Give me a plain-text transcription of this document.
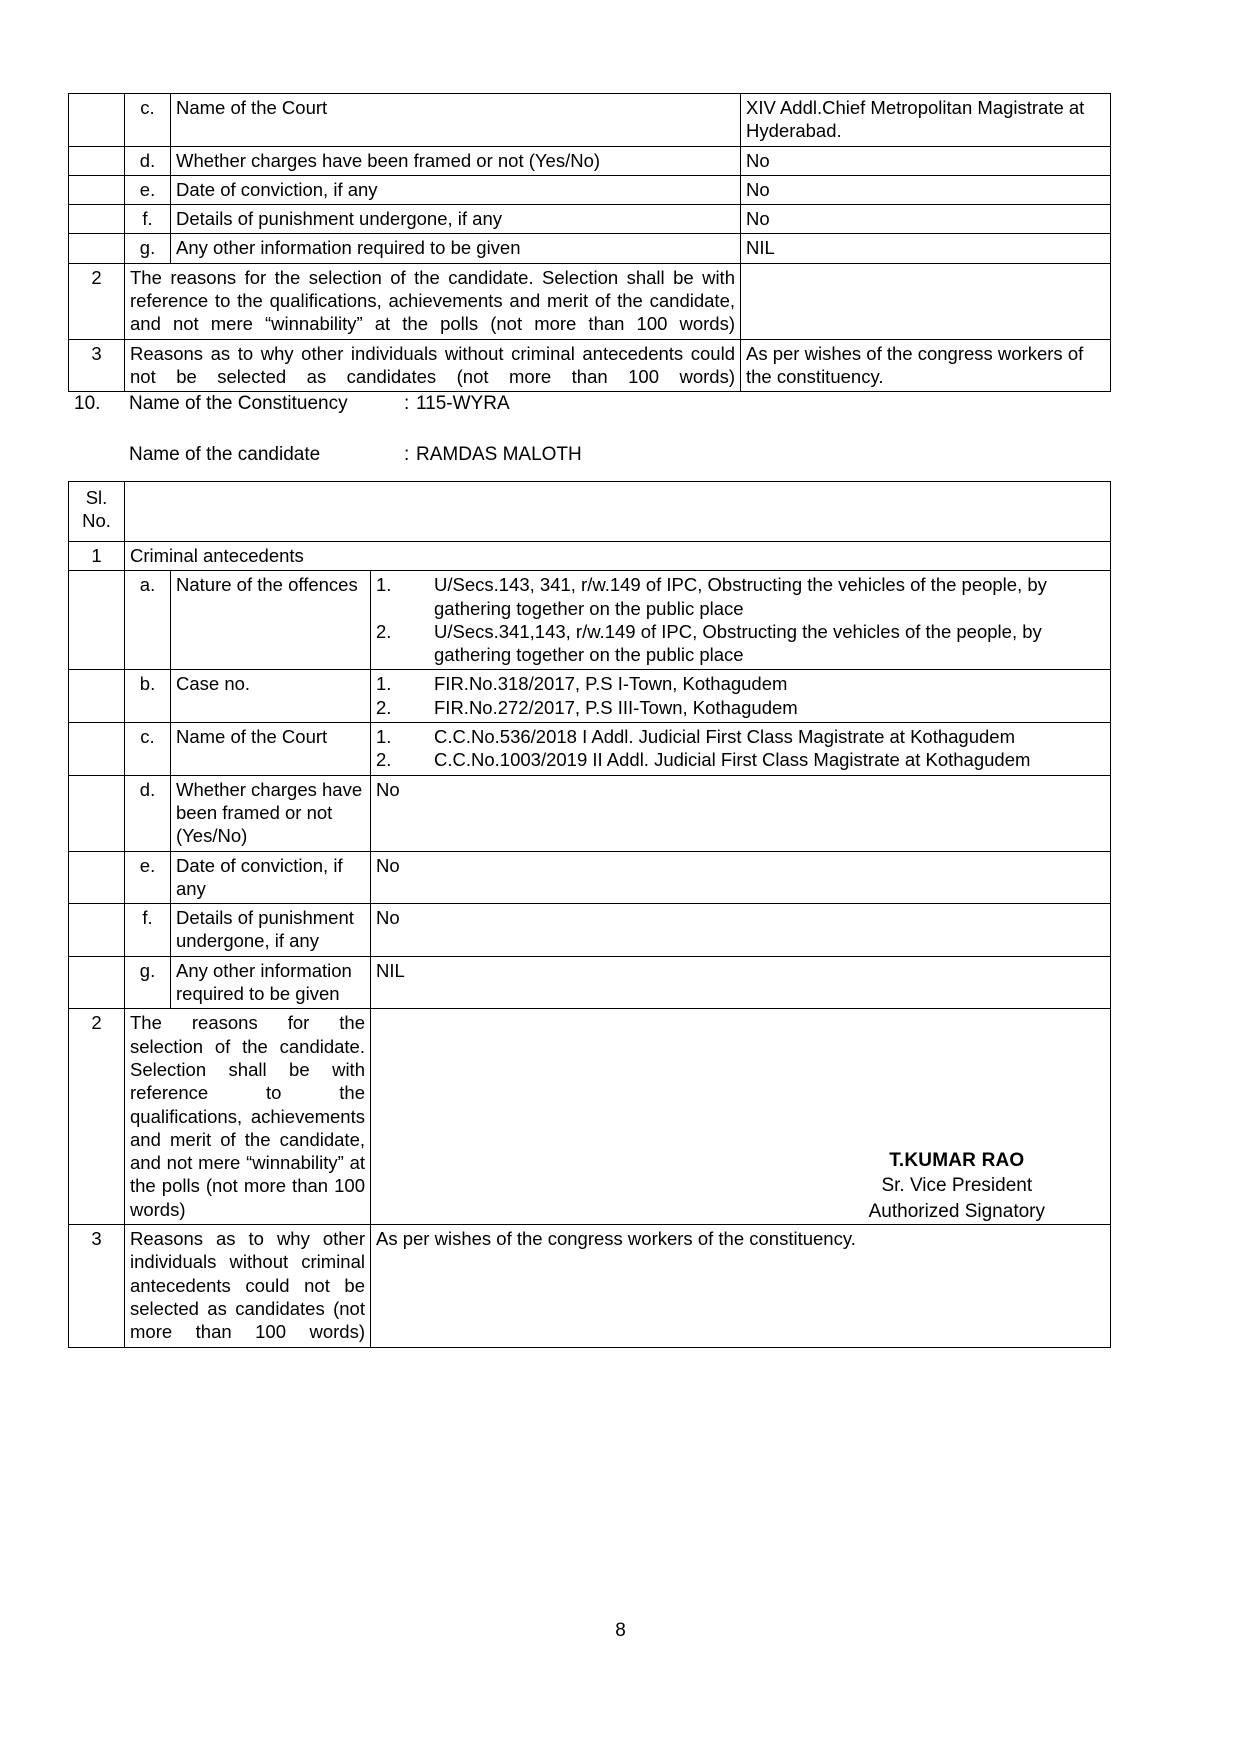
	c.	Name of the Court	XIV Addl.Chief Metropolitan Magistrate at Hyderabad.
	d.	Whether charges have been framed or not (Yes/No)	No
	e.	Date of conviction, if any	No
	f.	Details of punishment undergone, if any	No
	g.	Any other information required to be given	NIL
2	The reasons for the selection of the candidate. Selection shall be with reference to the qualifications, achievements and merit of the candidate, and not mere “winnability” at the polls (not more than 100 words)		
3	Reasons as to why other individuals without criminal antecedents could not be selected as candidates (not more than 100 words)		As per wishes of the congress workers of the constituency.
10.	Name of the Constituency	: 115-WYRA
Name of the candidate	: RAMDAS MALOTH
Sl.
No.			
1	Criminal antecedents		
	a.	Nature of the offences	1. U/Secs.143, 341, r/w.149 of IPC, Obstructing the vehicles of the people, by gathering together on the public place
2. U/Secs.341,143, r/w.149 of IPC, Obstructing the vehicles of the people, by gathering together on the public place

	b.	Case no.	1. FIR.No.318/2017, P.S I-Town, Kothagudem
2. FIR.No.272/2017, P.S III-Town, Kothagudem

	c.	Name of the Court	1. C.C.No.536/2018 I Addl. Judicial First Class Magistrate at Kothagudem
2. C.C.No.1003/2019 II Addl. Judicial First Class Magistrate at Kothagudem

	d.	Whether charges have been framed or not (Yes/No)	No
	e.	Date of conviction, if any	No
	f.	Details of punishment undergone, if any	No
	g.	Any other information required to be given	NIL
2	The reasons for the selection of the candidate. Selection shall be with reference to the qualifications, achievements and merit of the candidate, and not mere “winnability” at the polls (not more than 100 words)		
3	Reasons as to why other individuals without criminal antecedents could not be selected as candidates (not more than 100 words)		As per wishes of the congress workers of the constituency.
T.KUMAR RAO
Sr. Vice President
Authorized Signatory
8
